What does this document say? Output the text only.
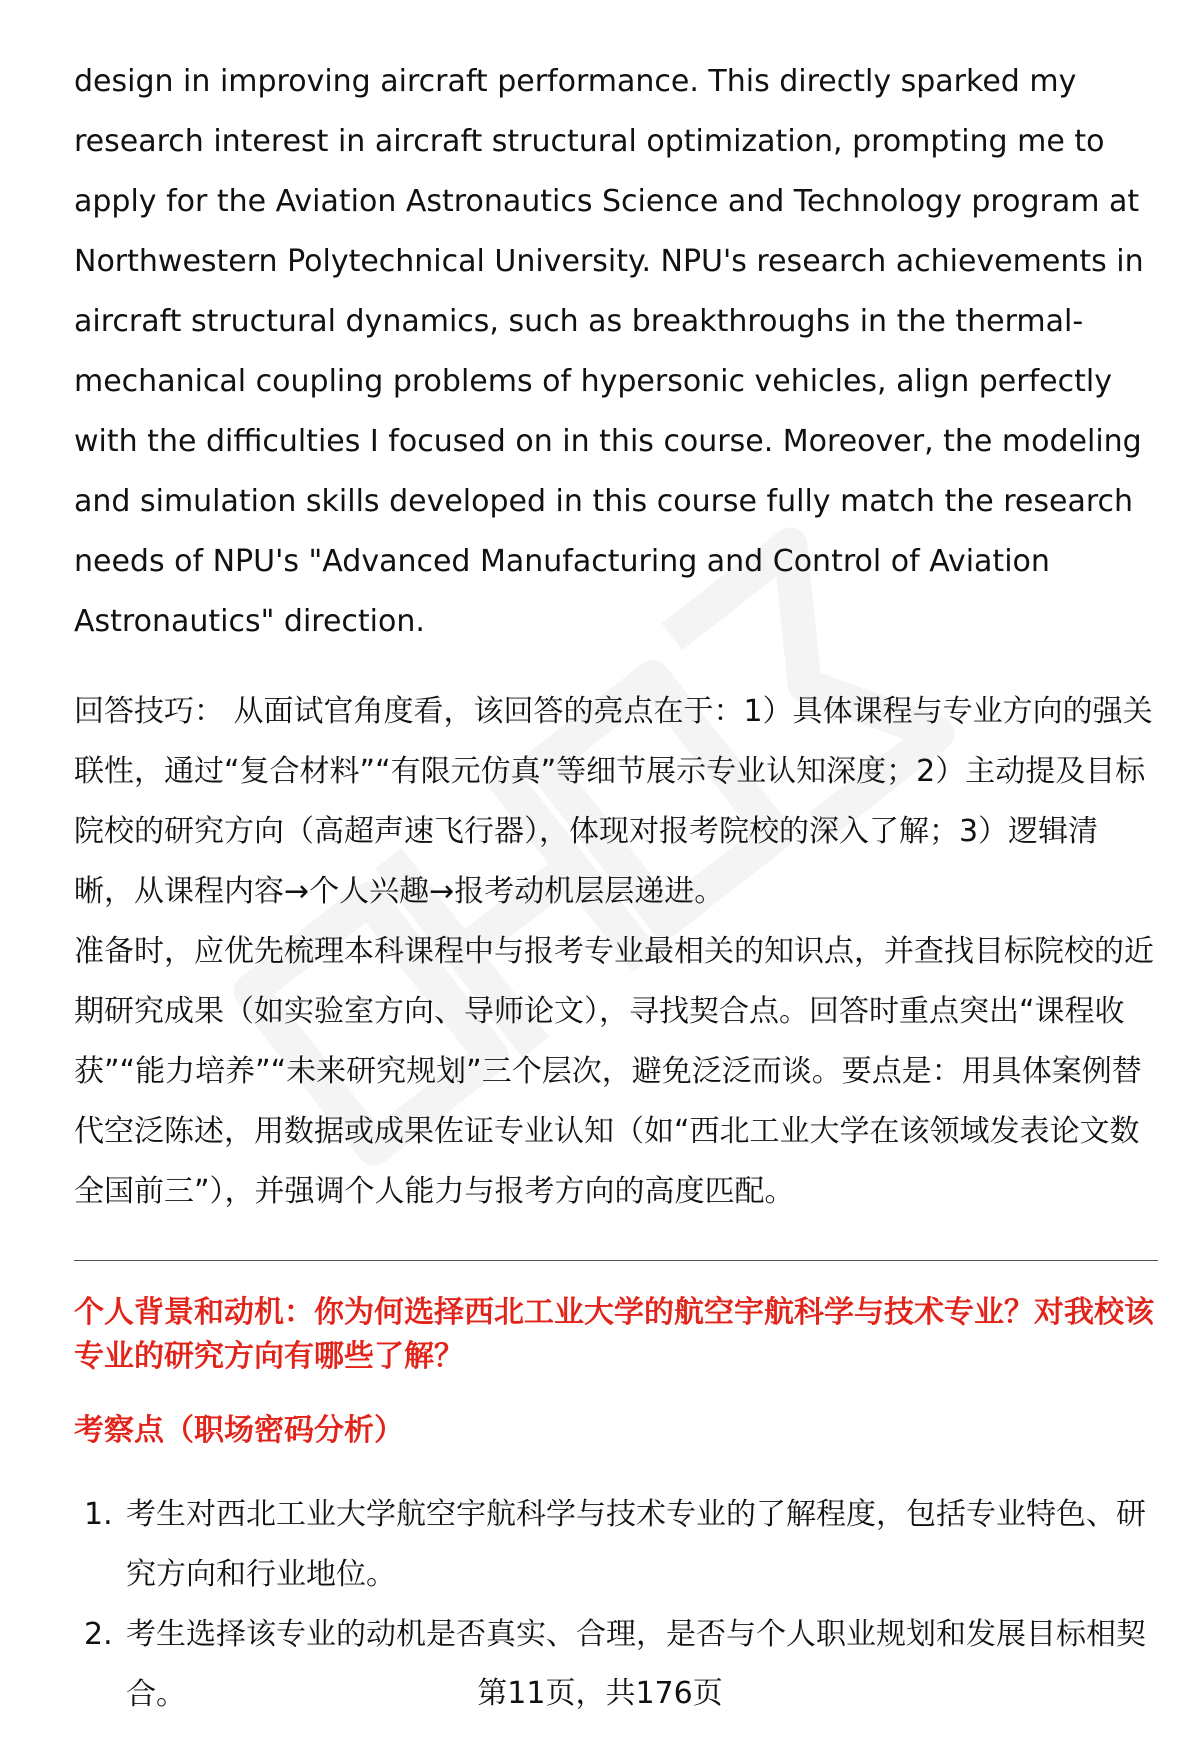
design in improving aircraft performance. This directly sparked my research interest in aircraft structural optimization, prompting me to apply for the Aviation Astronautics Science and Technology program at Northwestern Polytechnical University. NPU's research achievements in aircraft structural dynamics, such as breakthroughs in the thermal-mechanical coupling problems of hypersonic vehicles, align perfectly with the difficulties I focused on in this course. Moreover, the modeling and simulation skills developed in this course fully match the research needs of NPU's "Advanced Manufacturing and Control of Aviation Astronautics" direction.

回答技巧： 从面试官角度看，该回答的亮点在于：1）具体课程与专业方向的强关联性，通过“复合材料”“有限元仿真”等细节展示专业认知深度；2）主动提及目标院校的研究方向（高超声速飞行器），体现对报考院校的深入了解；3）逻辑清晰，从课程内容→个人兴趣→报考动机层层递进。

准备时，应优先梳理本科课程中与报考专业最相关的知识点，并查找目标院校的近期研究成果（如实验室方向、导师论文），寻找契合点。回答时重点突出“课程收获”“能力培养”“未来研究规划”三个层次，避免泛泛而谈。要点是：用具体案例替代空泛陈述，用数据或成果佐证专业认知（如“西北工业大学在该领域发表论文数全国前三”），并强调个人能力与报考方向的高度匹配。

个人背景和动机：你为何选择西北工业大学的航空宇航科学与技术专业？对我校该专业的研究方向有哪些了解？
考察点（职场密码分析）
1. 考生对西北工业大学航空宇航科学与技术专业的了解程度，包括专业特色、研究方向和行业地位。
2. 考生选择该专业的动机是否真实、合理，是否与个人职业规划和发展目标相契合。	第11页，共176页
